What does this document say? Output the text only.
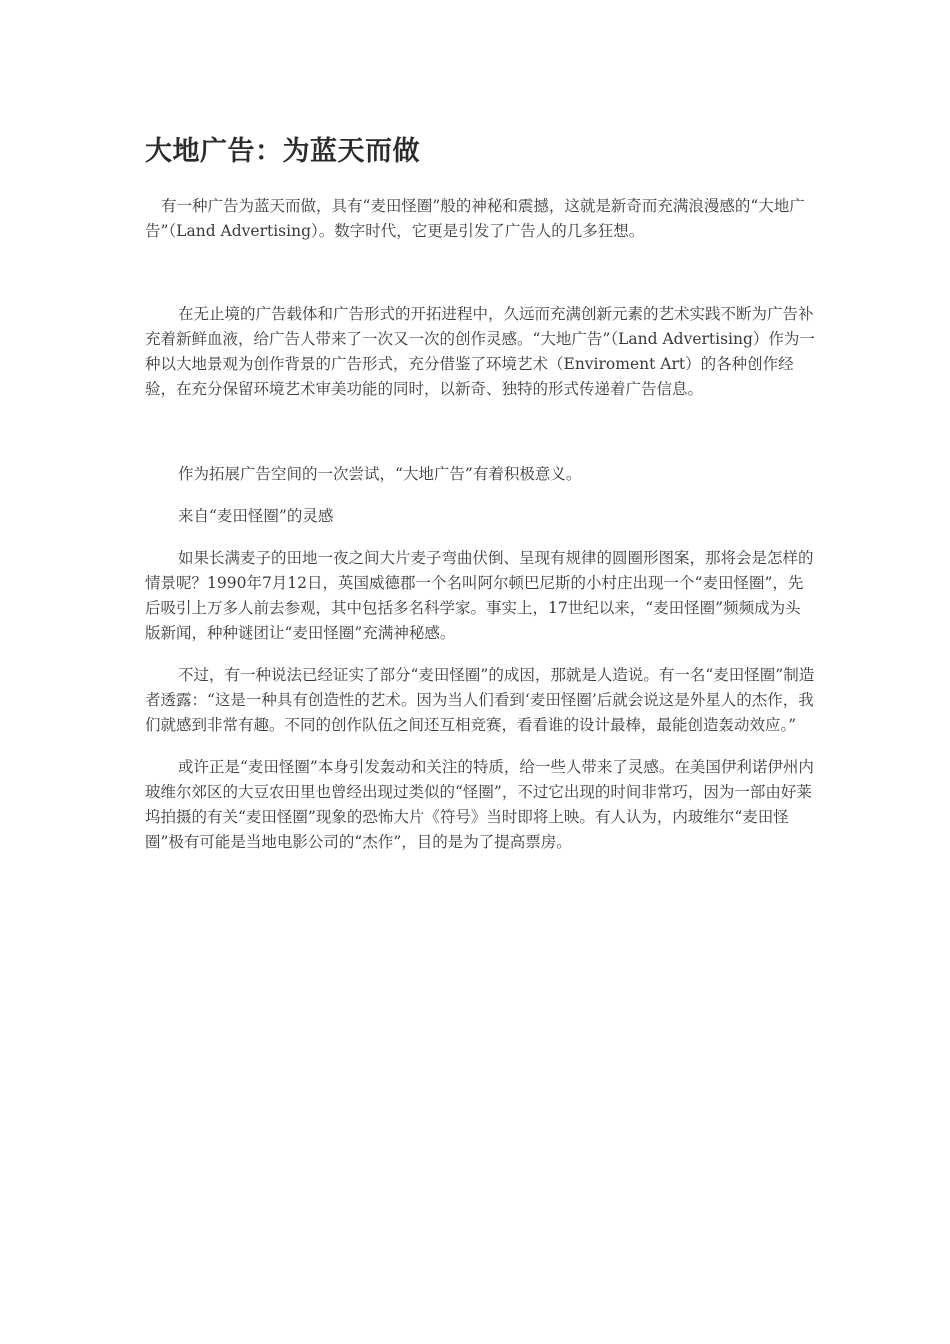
大地广告：为蓝天而做

有一种广告为蓝天而做，具有“麦田怪圈”般的神秘和震撼，这就是新奇而充满浪漫感的“大地广告”（Land Advertising）。数字时代，它更是引发了广告人的几多狂想。

在无止境的广告载体和广告形式的开拓进程中，久远而充满创新元素的艺术实践不断为广告补充着新鲜血液，给广告人带来了一次又一次的创作灵感。“大地广告”（Land Advertising）作为一种以大地景观为创作背景的广告形式，充分借鉴了环境艺术（Enviroment Art）的各种创作经验，在充分保留环境艺术审美功能的同时，以新奇、独特的形式传递着广告信息。

作为拓展广告空间的一次尝试，“大地广告”有着积极意义。

来自“麦田怪圈”的灵感

如果长满麦子的田地一夜之间大片麦子弯曲伏倒、呈现有规律的圆圈形图案，那将会是怎样的情景呢？1990年7月12日，英国威德郡一个名叫阿尔顿巴尼斯的小村庄出现一个“麦田怪圈”，先后吸引上万多人前去参观，其中包括多名科学家。事实上，17世纪以来，“麦田怪圈”频频成为头版新闻，种种谜团让“麦田怪圈”充满神秘感。

不过，有一种说法已经证实了部分“麦田怪圈”的成因，那就是人造说。有一名“麦田怪圈”制造者透露：“这是一种具有创造性的艺术。因为当人们看到‘麦田怪圈’后就会说这是外星人的杰作，我们就感到非常有趣。不同的创作队伍之间还互相竞赛，看看谁的设计最棒，最能创造轰动效应。”

或许正是“麦田怪圈”本身引发轰动和关注的特质，给一些人带来了灵感。在美国伊利诺伊州内玻维尔郊区的大豆农田里也曾经出现过类似的“怪圈”，不过它出现的时间非常巧，因为一部由好莱坞拍摄的有关“麦田怪圈”现象的恐怖大片《符号》当时即将上映。有人认为，内玻维尔“麦田怪圈”极有可能是当地电影公司的“杰作”，目的是为了提高票房。
